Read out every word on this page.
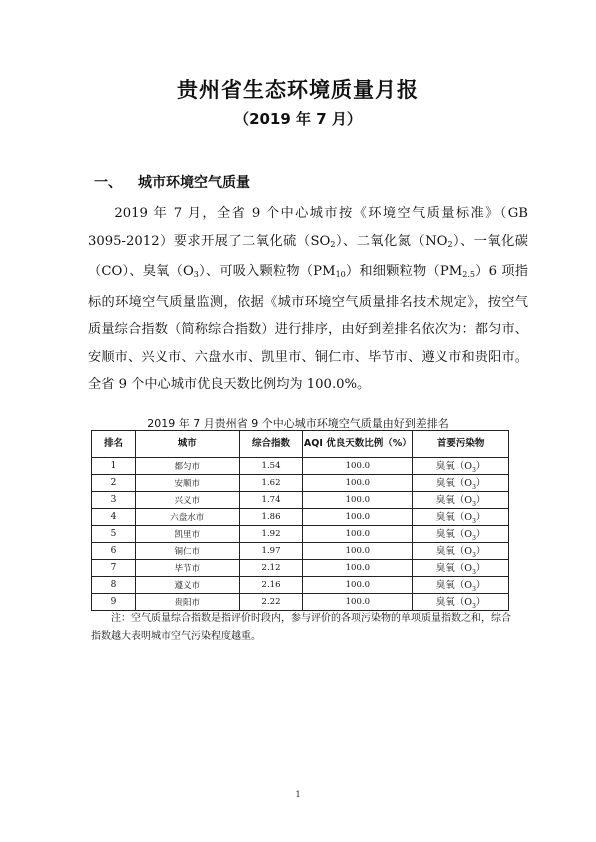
贵州省生态环境质量月报
（2019 年 7 月）
一、 城市环境空气质量
2019 年 7 月，全省 9 个中心城市按《环境空气质量标准》（GB 3095-2012）要求开展了二氧化硫$(SO_2)$、二氧化氮$(NO_2)$、一氧化碳（CO）、臭氧$(O_3)$、可吸入颗粒物$(PM_{10})$和细颗粒物$(PM_{2.5})6$ 项指标的环境空气质量监测，依据《城市环境空气质量排名技术规定》，按空气质量综合指数（简称综合指数）进行排序，由好到差排名依次为：都匀市、安顺市、兴义市、六盘水市、凯里市、铜仁市、毕节市、遵义市和贵阳市。全省 9 个中心城市优良天数比例均为 100.0%。
2019 年 7 月贵州省 9 个中心城市环境空气质量由好到差排名
排名	城市	综合指数	AQI 优良天数比例（%）	首要污染物
1	都匀市	1.54	100.0	臭氧$(O_3)$
2	安顺市	1.62	100.0	臭氧$(O_3)$
3	兴义市	1.74	100.0	臭氧$(O_3)$
4	六盘水市	1.86	100.0	臭氧$(O_3)$
5	凯里市	1.92	100.0	臭氧$(O_3)$
6	铜仁市	1.97	100.0	臭氧$(O_3)$
7	毕节市	2.12	100.0	臭氧$(O_3)$
8	遵义市	2.16	100.0	臭氧$(O_3)$
9	贵阳市	2.22	100.0	臭氧$(O_3)$
注：空气质量综合指数是指评价时段内，参与评价的各项污染物的单项质量指数之和，综合指数越大表明城市空气污染程度越重。
1
